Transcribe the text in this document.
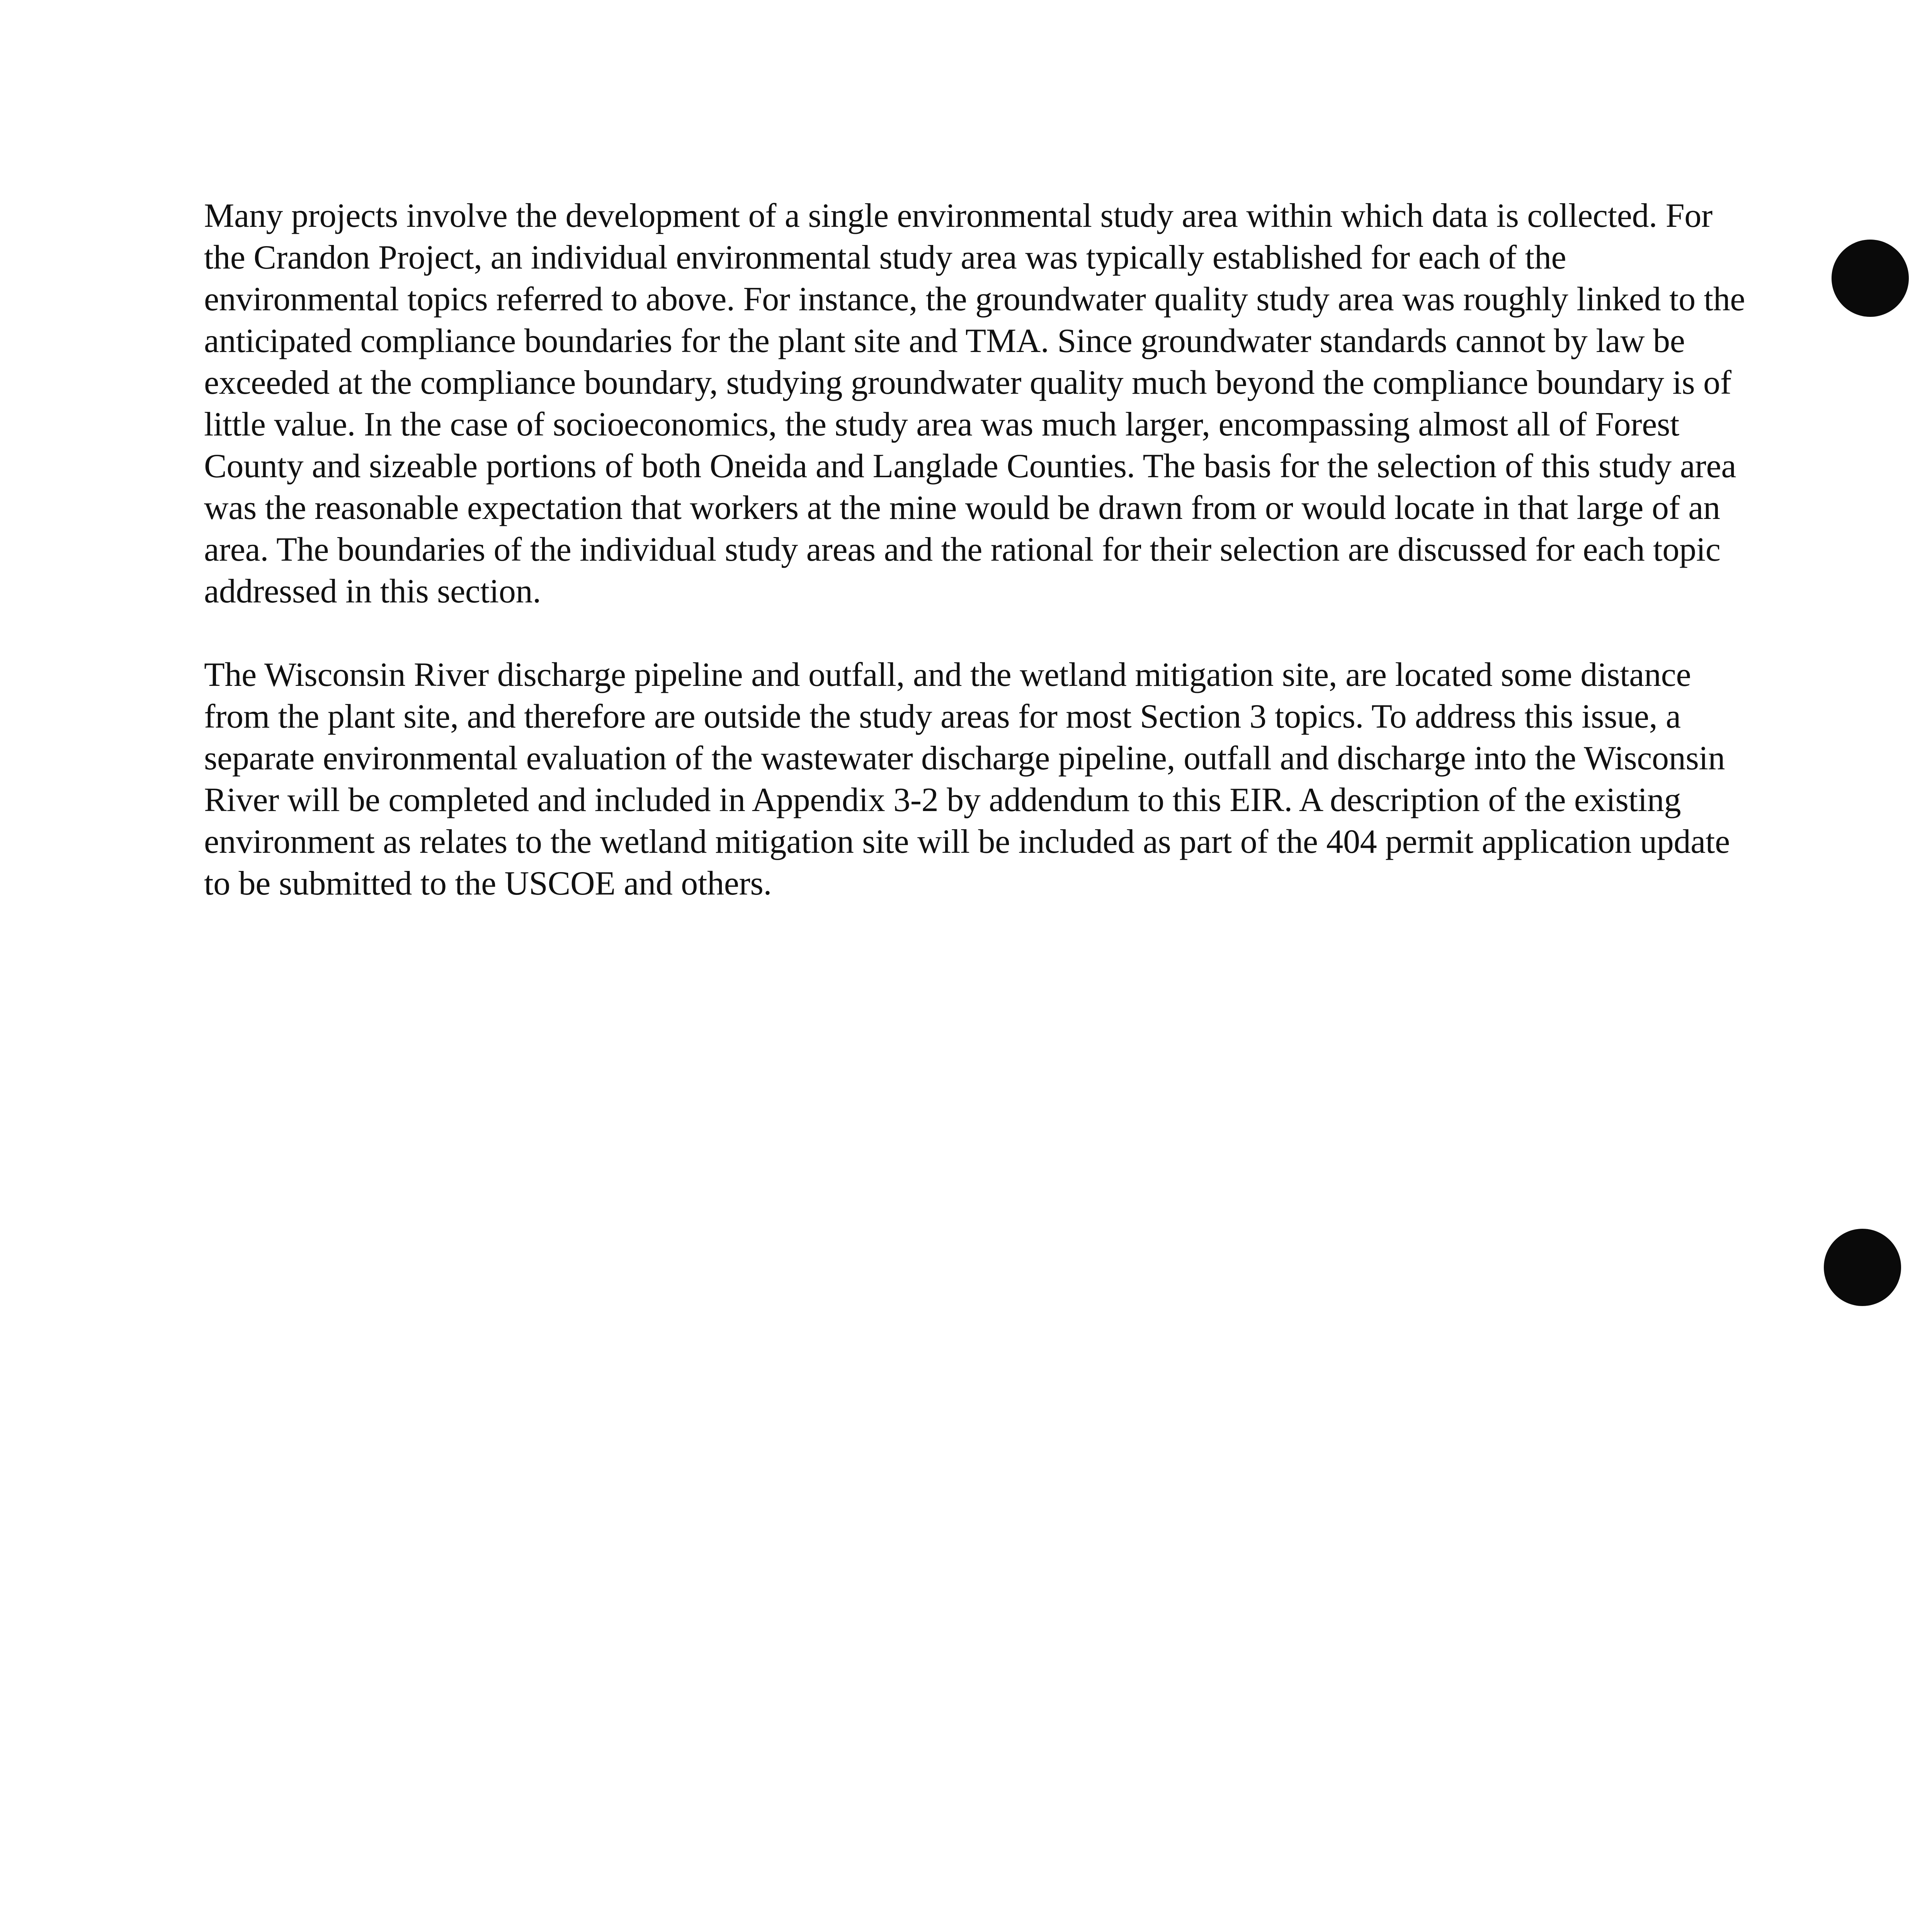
Many projects involve the development of a single environmental study area within which data is collected. For the Crandon Project, an individual environmental study area was typically established for each of the environmental topics referred to above. For instance, the groundwater quality study area was roughly linked to the anticipated compliance boundaries for the plant site and TMA. Since groundwater standards cannot by law be exceeded at the compliance boundary, studying groundwater quality much beyond the compliance boundary is of little value. In the case of socioeconomics, the study area was much larger, encompassing almost all of Forest County and sizeable portions of both Oneida and Langlade Counties. The basis for the selection of this study area was the reasonable expectation that workers at the mine would be drawn from or would locate in that large of an area. The boundaries of the individual study areas and the rational for their selection are discussed for each topic addressed in this section.

The Wisconsin River discharge pipeline and outfall, and the wetland mitigation site, are located some distance from the plant site, and therefore are outside the study areas for most Section 3 topics. To address this issue, a separate environmental evaluation of the wastewater discharge pipeline, outfall and discharge into the Wisconsin River will be completed and included in Appendix 3-2 by addendum to this EIR. A description of the existing environment as relates to the wetland mitigation site will be included as part of the 404 permit application update to be submitted to the USCOE and others.
